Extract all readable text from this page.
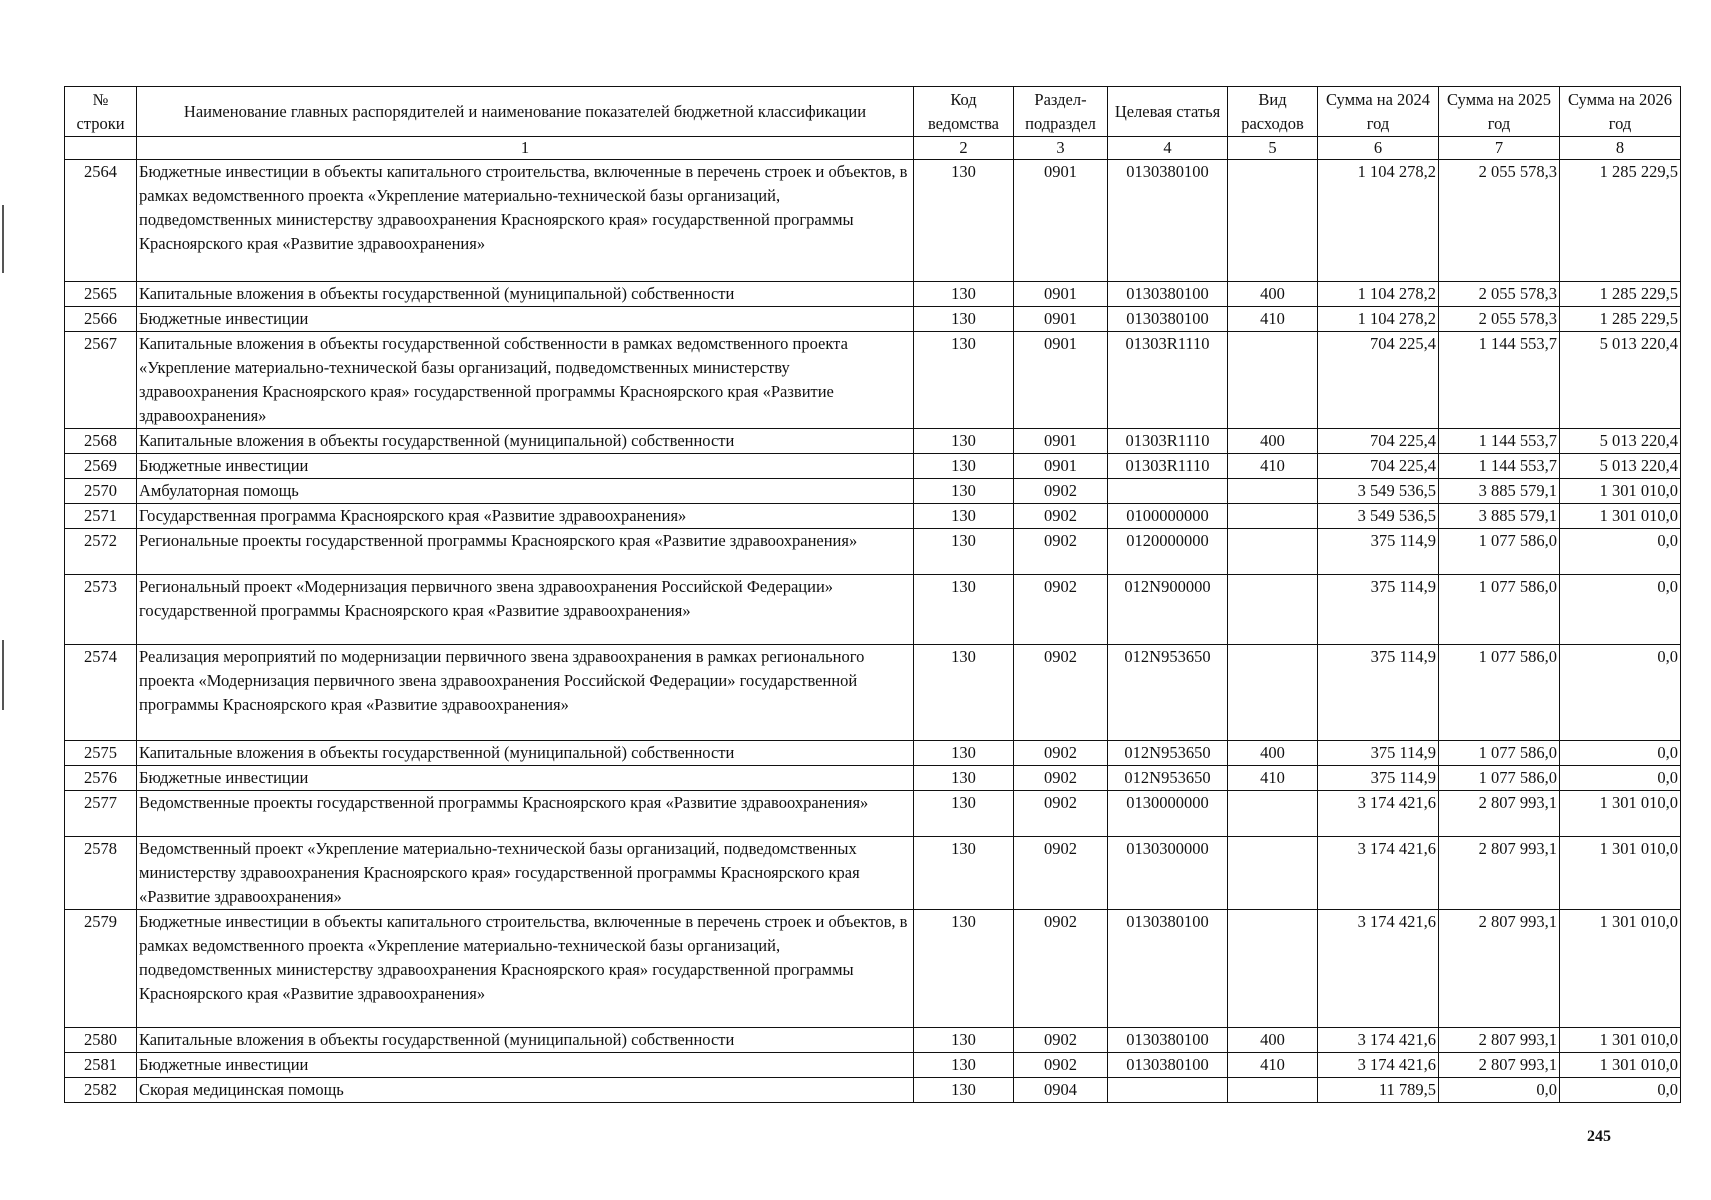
№ строки	Наименование главных распорядителей и наименование показателей бюджетной классификации	Код ведомства	Раздел-подраздел	Целевая статья	Вид расходов	Сумма на 2024 год	Сумма на 2025 год	Сумма на 2026 год
	1	2	3	4	5	6	7	8
2564	Бюджетные инвестиции в объекты капитального строительства, включенные в перечень строек и объектов, в рамках ведомственного проекта «Укрепление материально-технической базы организаций, подведомственных министерству здравоохранения Красноярского края» государственной программы Красноярского края «Развитие здравоохранения»	130	0901	0130380100		1 104 278,2	2 055 578,3	1 285 229,5
2565	Капитальные вложения в объекты государственной (муниципальной) собственности	130	0901	0130380100	400	1 104 278,2	2 055 578,3	1 285 229,5
2566	Бюджетные инвестиции	130	0901	0130380100	410	1 104 278,2	2 055 578,3	1 285 229,5
2567	Капитальные вложения в объекты государственной собственности в рамках ведомственного проекта «Укрепление материально-технической базы организаций, подведомственных министерству здравоохранения Красноярского края» государственной программы Красноярского края «Развитие здравоохранения»	130	0901	01303R1110		704 225,4	1 144 553,7	5 013 220,4
2568	Капитальные вложения в объекты государственной (муниципальной) собственности	130	0901	01303R1110	400	704 225,4	1 144 553,7	5 013 220,4
2569	Бюджетные инвестиции	130	0901	01303R1110	410	704 225,4	1 144 553,7	5 013 220,4
2570	Амбулаторная помощь	130	0902			3 549 536,5	3 885 579,1	1 301 010,0
2571	Государственная программа Красноярского края «Развитие здравоохранения»	130	0902	0100000000		3 549 536,5	3 885 579,1	1 301 010,0
2572	Региональные проекты государственной программы Красноярского края «Развитие здравоохранения»	130	0902	0120000000		375 114,9	1 077 586,0	0,0
2573	Региональный проект «Модернизация первичного звена здравоохранения Российской Федерации» государственной программы Красноярского края «Развитие здравоохранения»	130	0902	012N900000		375 114,9	1 077 586,0	0,0
2574	Реализация мероприятий по модернизации первичного звена здравоохранения в рамках регионального проекта «Модернизация первичного звена здравоохранения Российской Федерации» государственной программы Красноярского края «Развитие здравоохранения»	130	0902	012N953650		375 114,9	1 077 586,0	0,0
2575	Капитальные вложения в объекты государственной (муниципальной) собственности	130	0902	012N953650	400	375 114,9	1 077 586,0	0,0
2576	Бюджетные инвестиции	130	0902	012N953650	410	375 114,9	1 077 586,0	0,0
2577	Ведомственные проекты государственной программы Красноярского края «Развитие здравоохранения»	130	0902	0130000000		3 174 421,6	2 807 993,1	1 301 010,0
2578	Ведомственный проект «Укрепление материально-технической базы организаций, подведомственных министерству здравоохранения Красноярского края» государственной программы Красноярского края «Развитие здравоохранения»	130	0902	0130300000		3 174 421,6	2 807 993,1	1 301 010,0
2579	Бюджетные инвестиции в объекты капитального строительства, включенные в перечень строек и объектов, в рамках ведомственного проекта «Укрепление материально-технической базы организаций, подведомственных министерству здравоохранения Красноярского края» государственной программы Красноярского края «Развитие здравоохранения»	130	0902	0130380100		3 174 421,6	2 807 993,1	1 301 010,0
2580	Капитальные вложения в объекты государственной (муниципальной) собственности	130	0902	0130380100	400	3 174 421,6	2 807 993,1	1 301 010,0
2581	Бюджетные инвестиции	130	0902	0130380100	410	3 174 421,6	2 807 993,1	1 301 010,0
2582	Скорая медицинская помощь	130	0904			11 789,5	0,0	0,0
245
